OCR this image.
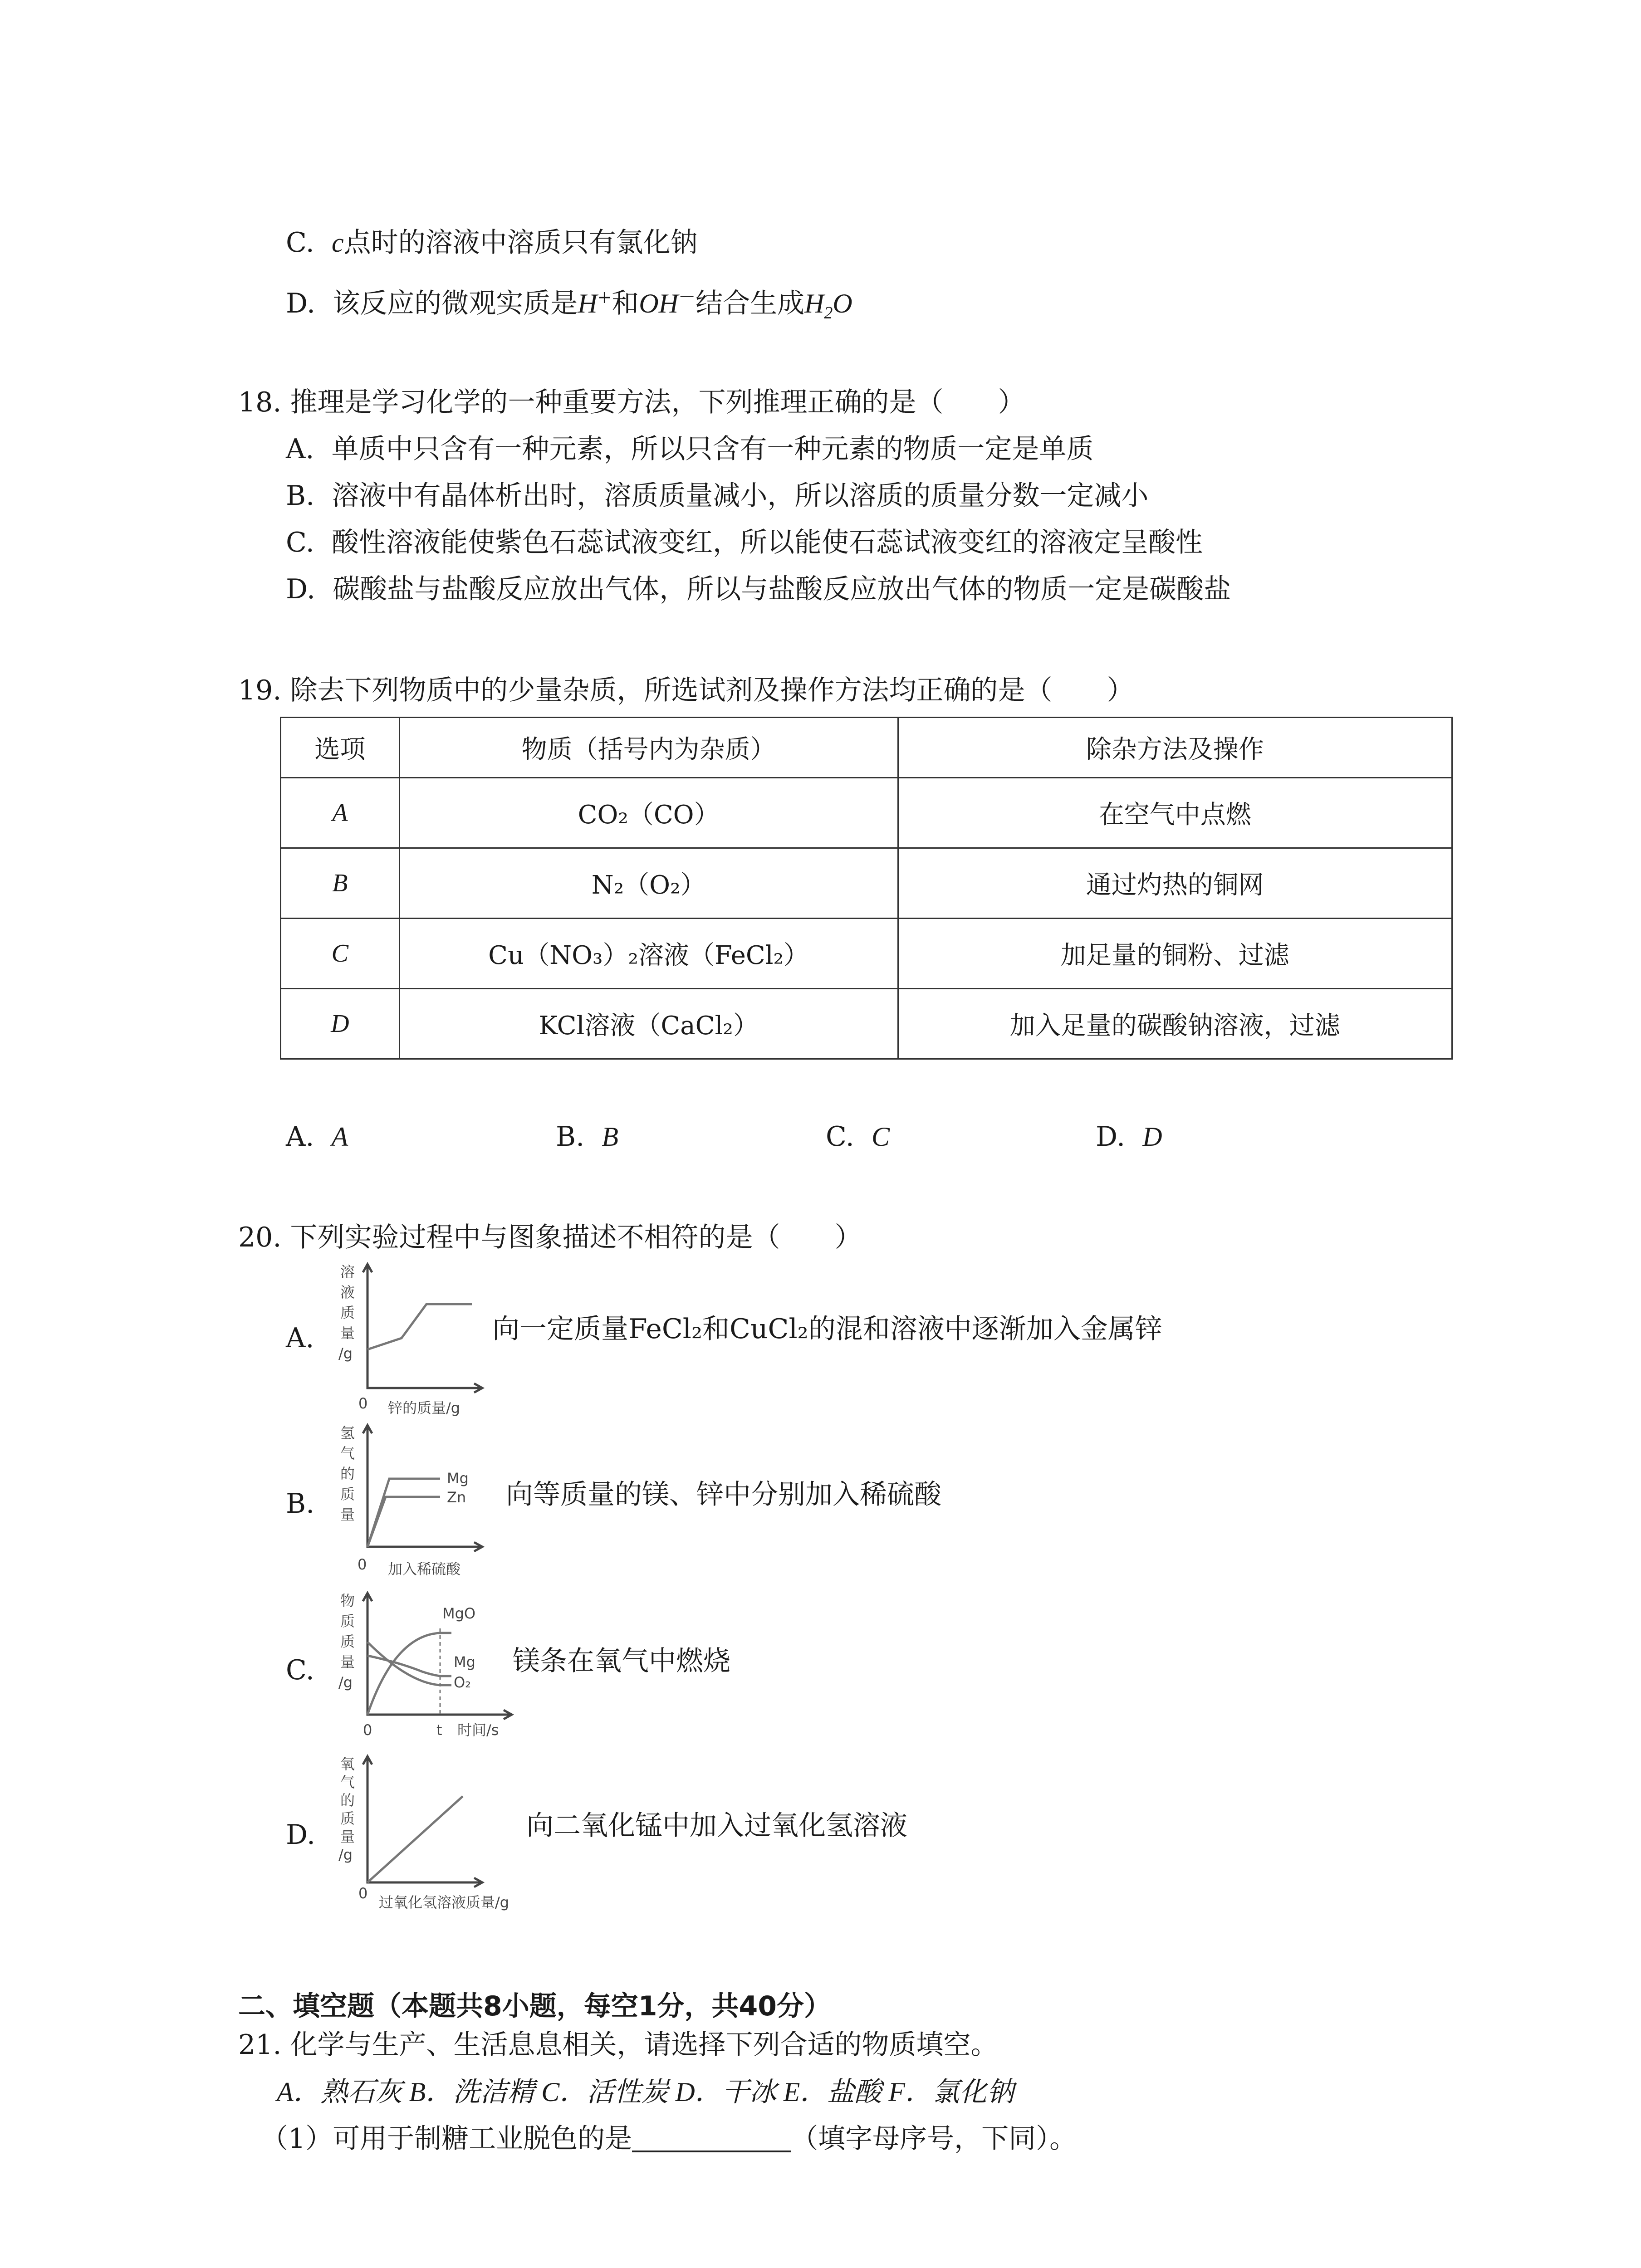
C. c点时的溶液中溶质只有氯化钠
D. 该反应的微观实质是H+和OH－结合生成$H_2O$
18. 推理是学习化学的一种重要方法，下列推理正确的是（　　）
A. 单质中只含有一种元素，所以只含有一种元素的物质一定是单质
B. 溶液中有晶体析出时，溶质质量减小，所以溶质的质量分数一定减小
C. 酸性溶液能使紫色石蕊试液变红，所以能使石蕊试液变红的溶液定呈酸性
D. 碳酸盐与盐酸反应放出气体，所以与盐酸反应放出气体的物质一定是碳酸盐
19. 除去下列物质中的少量杂质，所选试剂及操作方法均正确的是（　　）
选项	物质（括号内为杂质）	除杂方法及操作
A	CO₂（CO）	在空气中点燃
B	N₂（O₂）	通过灼热的铜网
C	Cu（NO₃）₂溶液（FeCl₂）	加足量的铜粉、过滤
D	KCl溶液（CaCl₂）	加入足量的碳酸钠溶液，过滤
A. A	B. B	C. C	D. D
20. 下列实验过程中与图象描述不相符的是（　　）
A.
溶
液
质
量
/g
0 锌的质量/g
向一定质量FeCl₂和CuCl₂的混和溶液中逐渐加入金属锌
B.
氢
气
的
质
量
Mg
Zn
0 加入稀硫酸
向等质量的镁、锌中分别加入稀硫酸
C.
物
质
质
量
/g
MgO
Mg
O₂
0	t 时间/s
镁条在氧气中燃烧
D.
氧
气
的
质
量
/g
0
过氧化氢溶液质量/g
向二氧化锰中加入过氧化氢溶液
二、填空题（本题共8小题，每空1分，共40分）
21. 化学与生产、生活息息相关，请选择下列合适的物质填空。
A．熟石灰 B．洗洁精 C．活性炭 D．干冰 E．盐酸 F．氯化钠
（1）可用于制糖工业脱色的是	（填字母序号，下同）。
